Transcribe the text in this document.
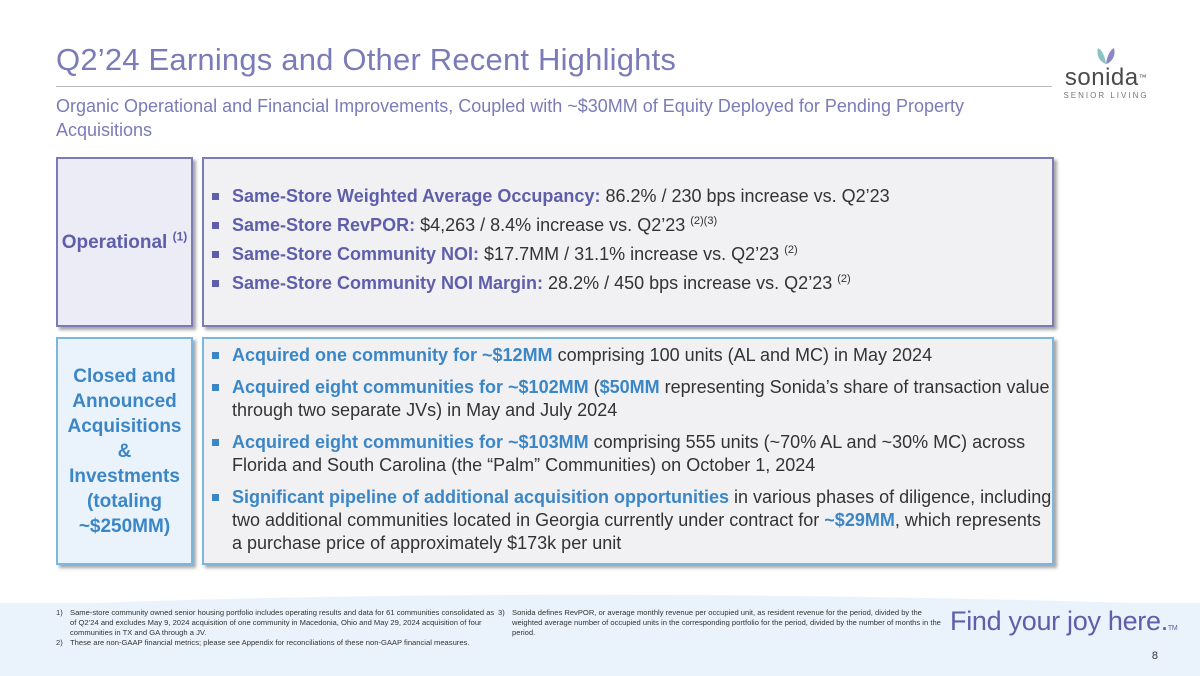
Q2’24 Earnings and Other Recent Highlights
Organic Operational and Financial Improvements, Coupled with ~$30MM of Equity Deployed for Pending Property Acquisitions
sonida™
SENIOR LIVING
Operational $^{(1)}$
Same-Store Weighted Average Occupancy: 86.2% / 230 bps increase vs. Q2’23
Same-Store RevPOR: $4,263 / 8.4% increase vs. Q2’23 $^{(2)(3)}$
Same-Store Community NOI: $17.7MM / 31.1% increase vs. Q2’23 $^{(2)}$
Same-Store Community NOI Margin: 28.2% / 450 bps increase vs. Q2’23 $^{(2)}$
Closed and Announced Acquisitions & Investments (totaling ~$250MM)
Acquired one community for ~$12MM comprising 100 units (AL and MC) in May 2024
Acquired eight communities for ~$102MM ($50MM representing Sonida’s share of transaction value through two separate JVs) in May and July 2024
Acquired eight communities for ~$103MM comprising 555 units (~70% AL and ~30% MC) across Florida and South Carolina (the “Palm” Communities) on October 1, 2024
Significant pipeline of additional acquisition opportunities in various phases of diligence, including two additional communities located in Georgia currently under contract for ~$29MM, which represents a purchase price of approximately $173k per unit
1) Same-store community owned senior housing portfolio includes operating results and data for 61 communities consolidated as of Q2’24 and excludes May 9, 2024 acquisition of one community in Macedonia, Ohio and May 29, 2024 acquisition of four communities in TX and GA through a JV.
2) These are non-GAAP financial metrics; please see Appendix for reconciliations of these non-GAAP financial measures.
3) Sonida defines RevPOR, or average monthly revenue per occupied unit, as resident revenue for the period, divided by the weighted average number of occupied units in the corresponding portfolio for the period, divided by the number of months in the period.	Find your joy here.TM
8
